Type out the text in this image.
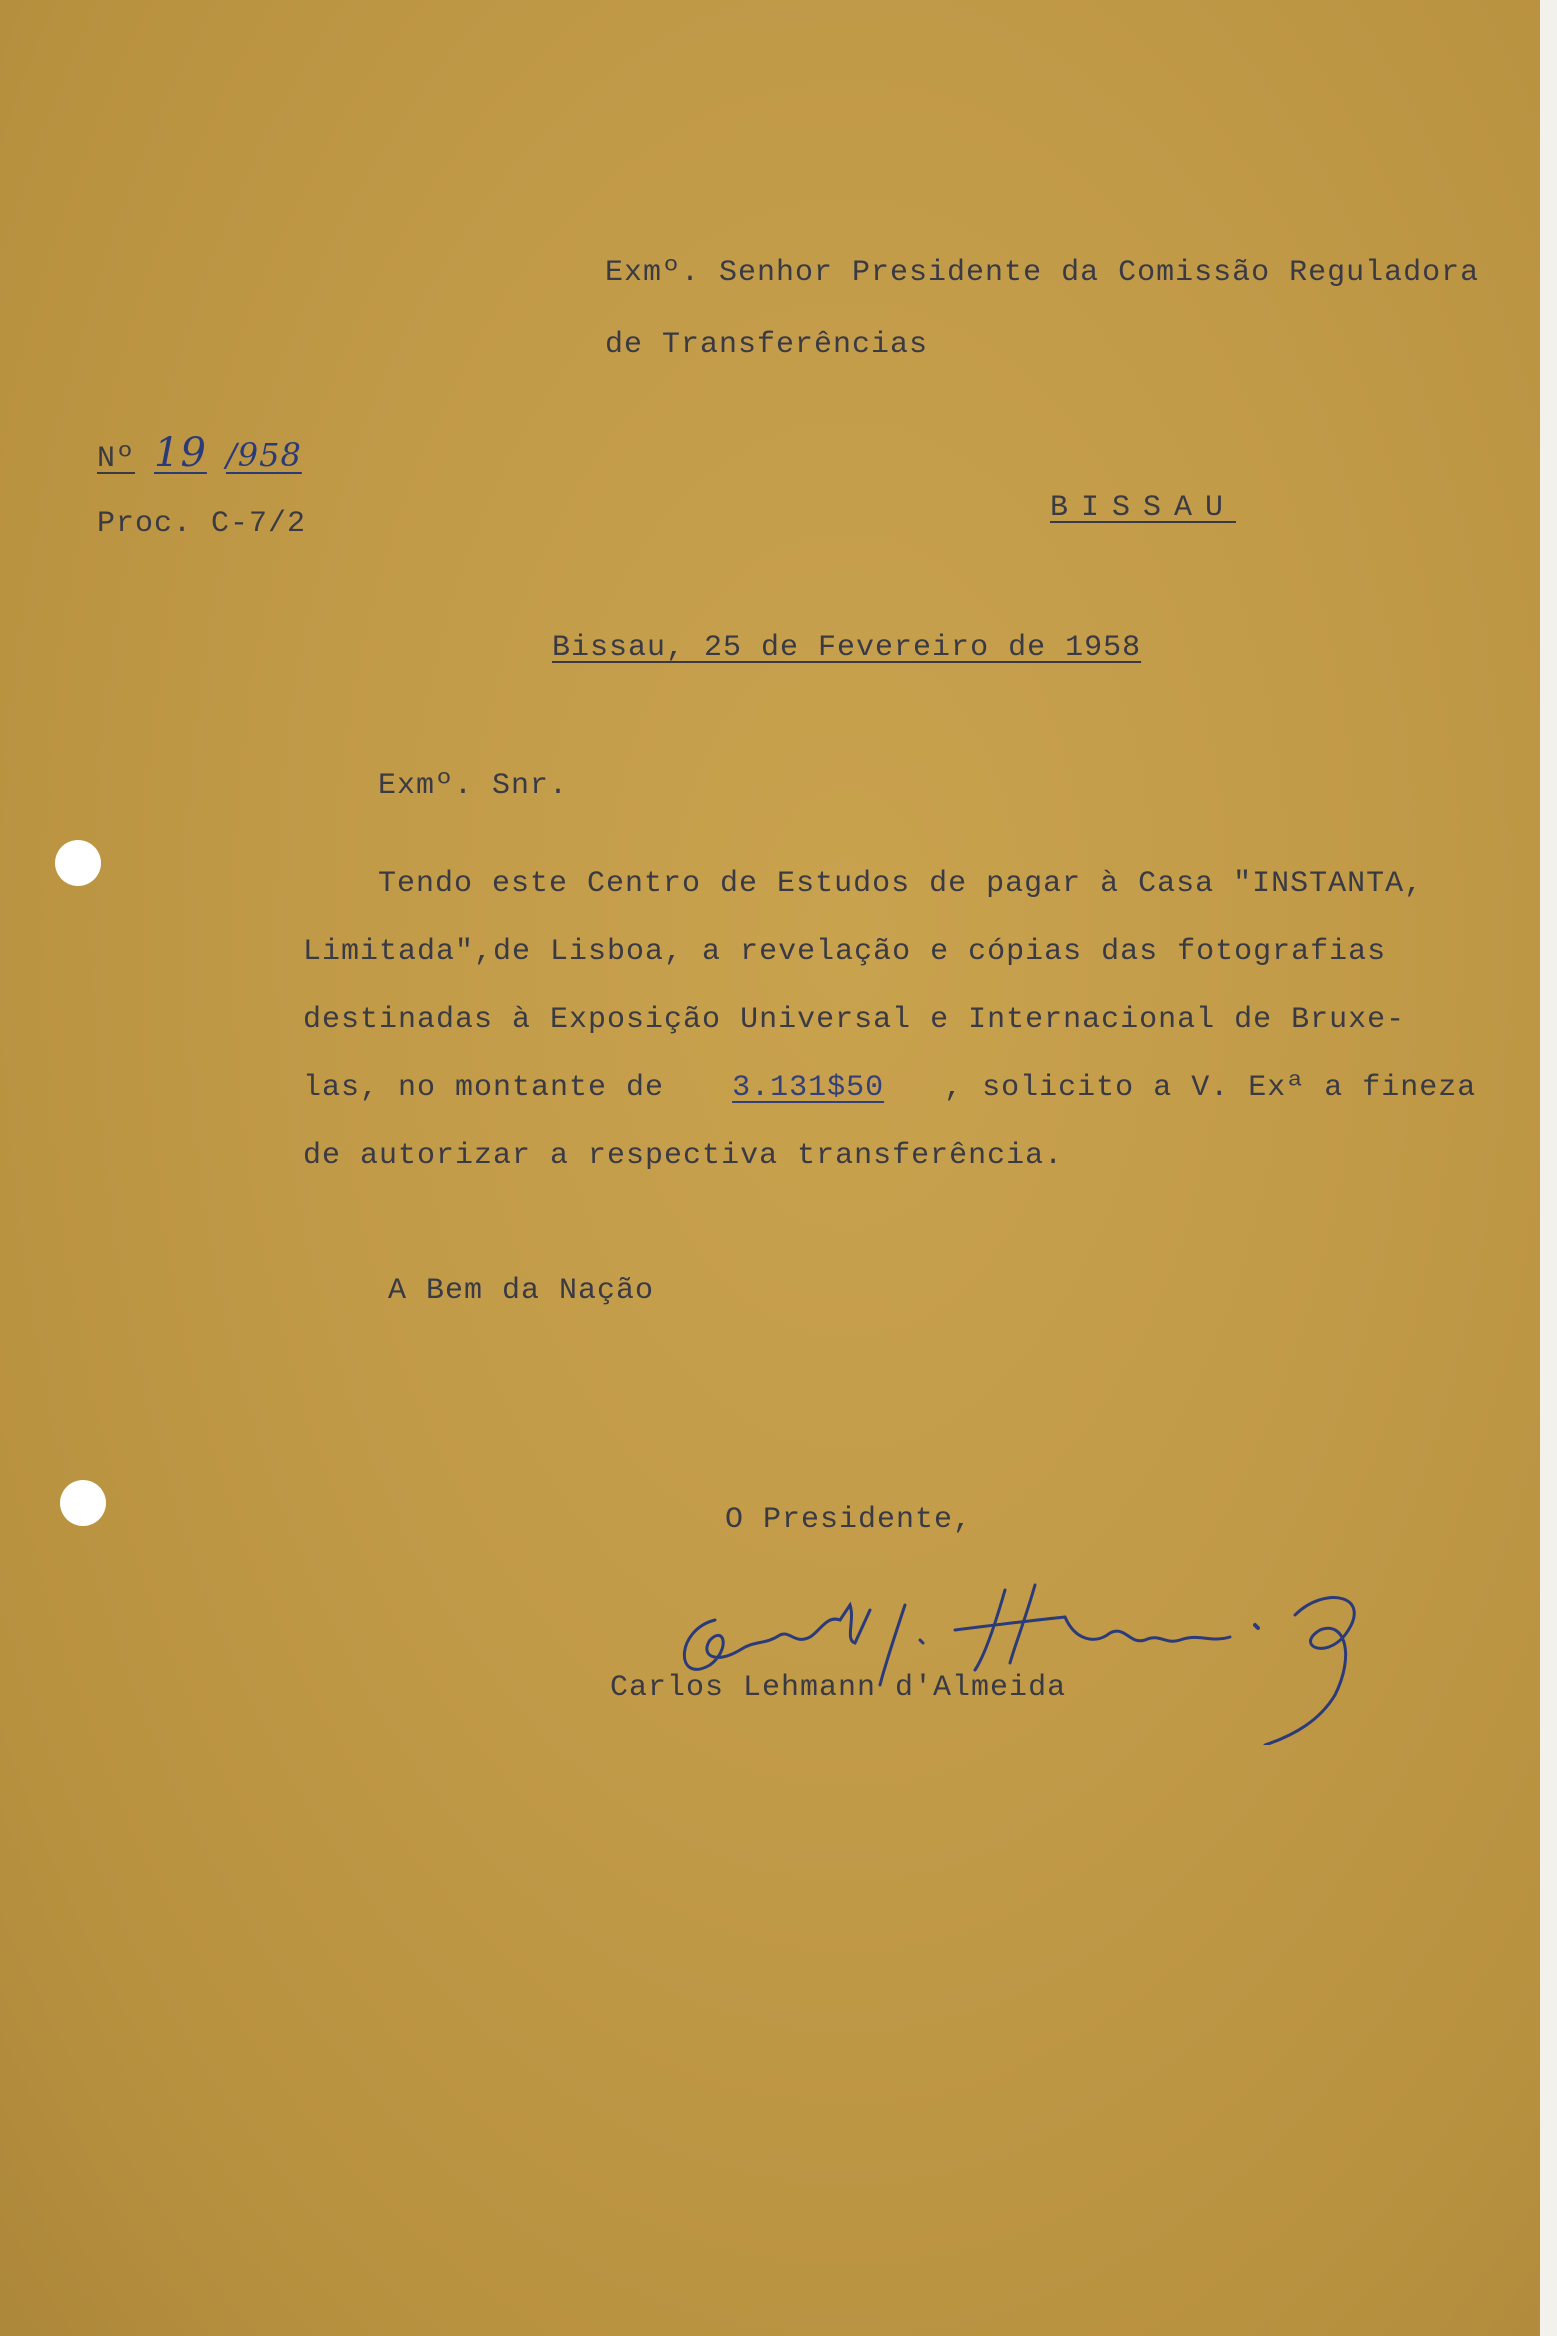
Exmº. Senhor Presidente da Comissão Reguladora
de Transferências
Nº 19 /958
Proc. C-7/2	BISSAU
Bissau, 25 de Fevereiro de 1958
Exmº. Snr.
Tendo este Centro de Estudos de pagar à Casa "INSTANTA,
Limitada",de Lisboa, a revelação e cópias das fotografias
destinadas à Exposição Universal e Internacional de Bruxe-
las, no montante de 3.131$50 , solicito a V. Exª a fineza
de autorizar a respectiva transferência.
A Bem da Nação
O Presidente,
Carlos Lehmann d'Almeida
